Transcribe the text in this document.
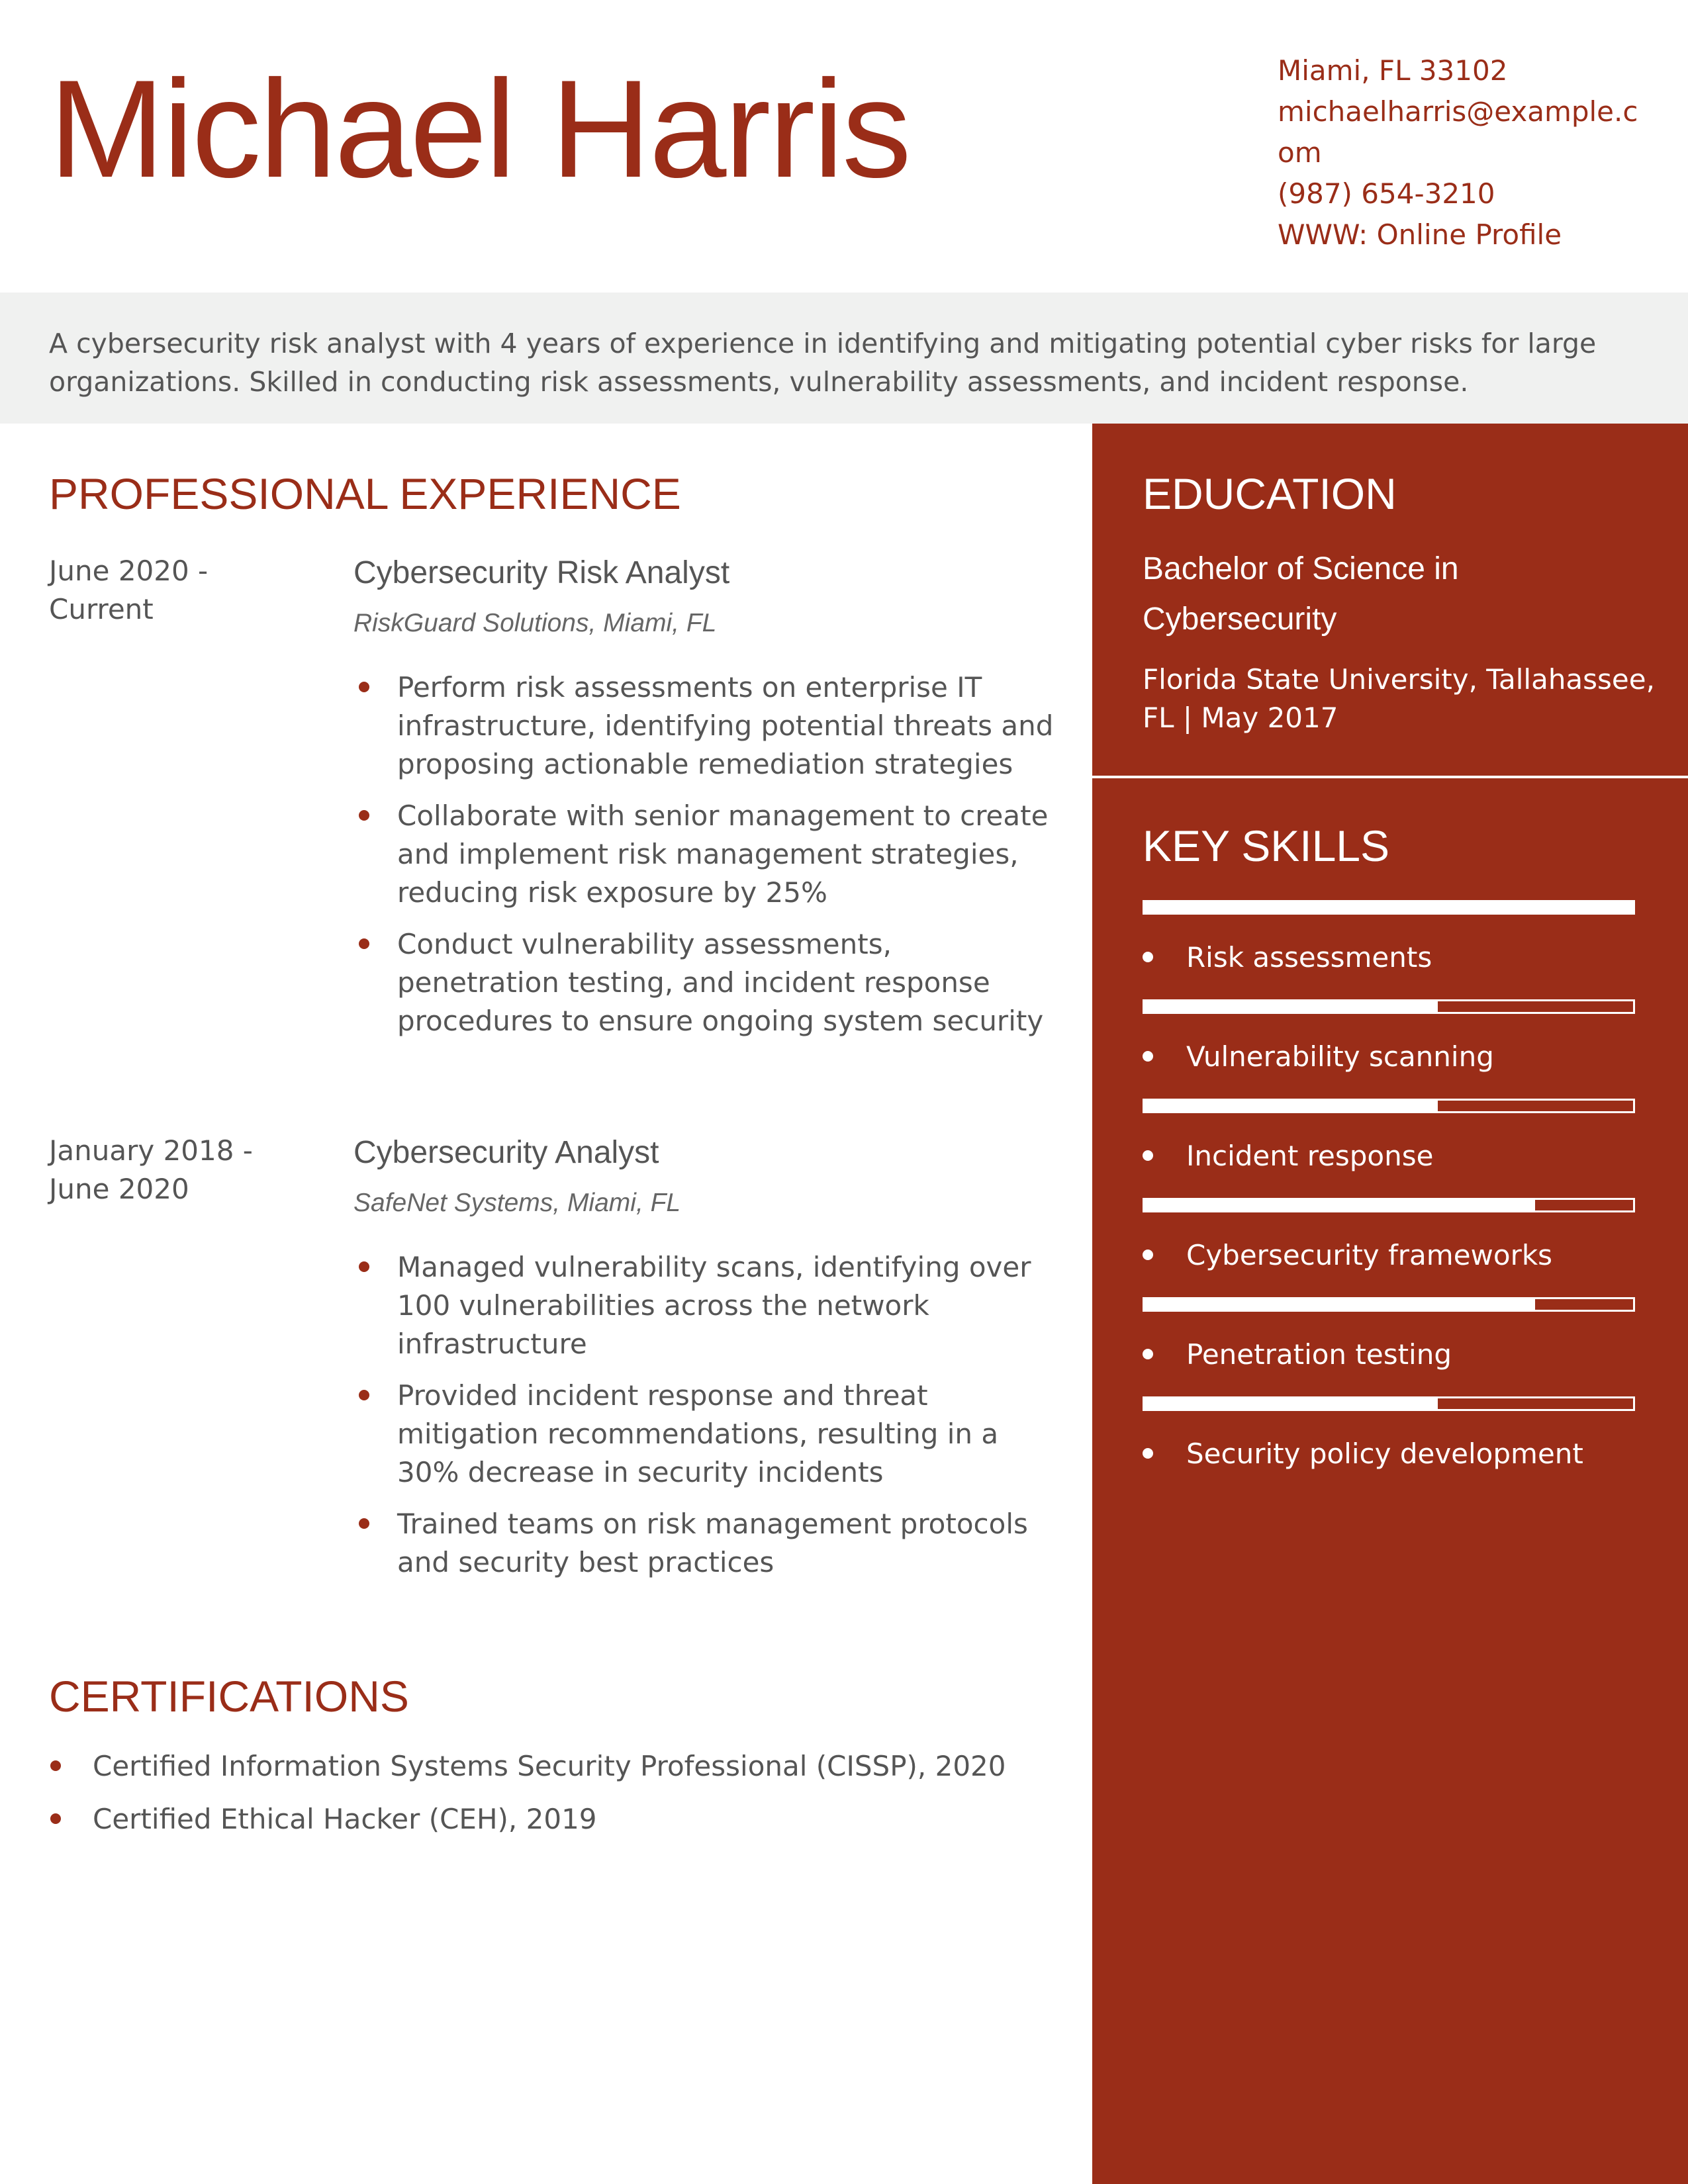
Michael Harris	Miami, FL 33102
michaelharris@example.com
(987) 654-3210
WWW: Online Profile
A cybersecurity risk analyst with 4 years of experience in identifying and mitigating potential cyber risks for large organizations. Skilled in conducting risk assessments, vulnerability assessments, and incident response.
PROFESSIONAL EXPERIENCE
June 2020 - Current
Cybersecurity Risk Analyst
RiskGuard Solutions, Miami, FL
Perform risk assessments on enterprise IT infrastructure, identifying potential threats and proposing actionable remediation strategies
Collaborate with senior management to create and implement risk management strategies, reducing risk exposure by 25%
Conduct vulnerability assessments, penetration testing, and incident response procedures to ensure ongoing system security
January 2018 - June 2020
Cybersecurity Analyst
SafeNet Systems, Miami, FL
Managed vulnerability scans, identifying over 100 vulnerabilities across the network infrastructure
Provided incident response and threat mitigation recommendations, resulting in a 30% decrease in security incidents
Trained teams on risk management protocols and security best practices
CERTIFICATIONS
Certified Information Systems Security Professional (CISSP), 2020
Certified Ethical Hacker (CEH), 2019
EDUCATION
Bachelor of Science in Cybersecurity
Florida State University, Tallahassee, FL | May 2017
KEY SKILLS
Risk assessments
Vulnerability scanning
Incident response
Cybersecurity frameworks
Penetration testing
Security policy development
